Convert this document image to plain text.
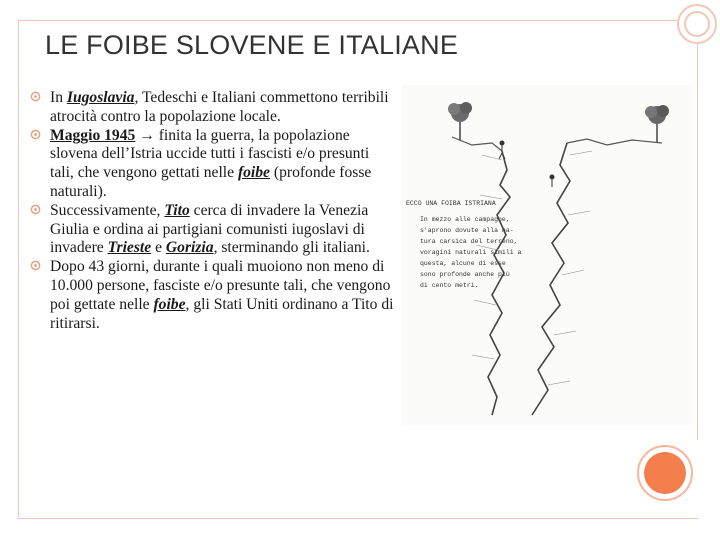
LE FOIBE SLOVENE E ITALIANE
In Iugoslavia, Tedeschi e Italiani commettono terribili atrocità contro la popolazione locale.
Maggio 1945 → finita la guerra, la popolazione slovena dell’Istria uccide tutti i fascisti e/o presunti tali, che vengono gettati nelle foibe (profonde fosse naturali).
Successivamente, Tito cerca di invadere la Venezia Giulia e ordina ai partigiani comunisti iugoslavi di invadere Trieste e Gorizia, sterminando gli italiani.
Dopo 43 giorni, durante i quali muoiono non meno di 10.000 persone, fasciste e/o presunte tali, che vengono poi gettate nelle foibe, gli Stati Uniti ordinano a Tito di ritirarsi.
ECCO UNA FOIBA ISTRIANA
In mezzo alle campagne,
s'aprono dovute alla na-
tura carsica del terreno,
voragini naturali simili a
questa, alcune di esse
sono profonde anche più
di cento metri.
